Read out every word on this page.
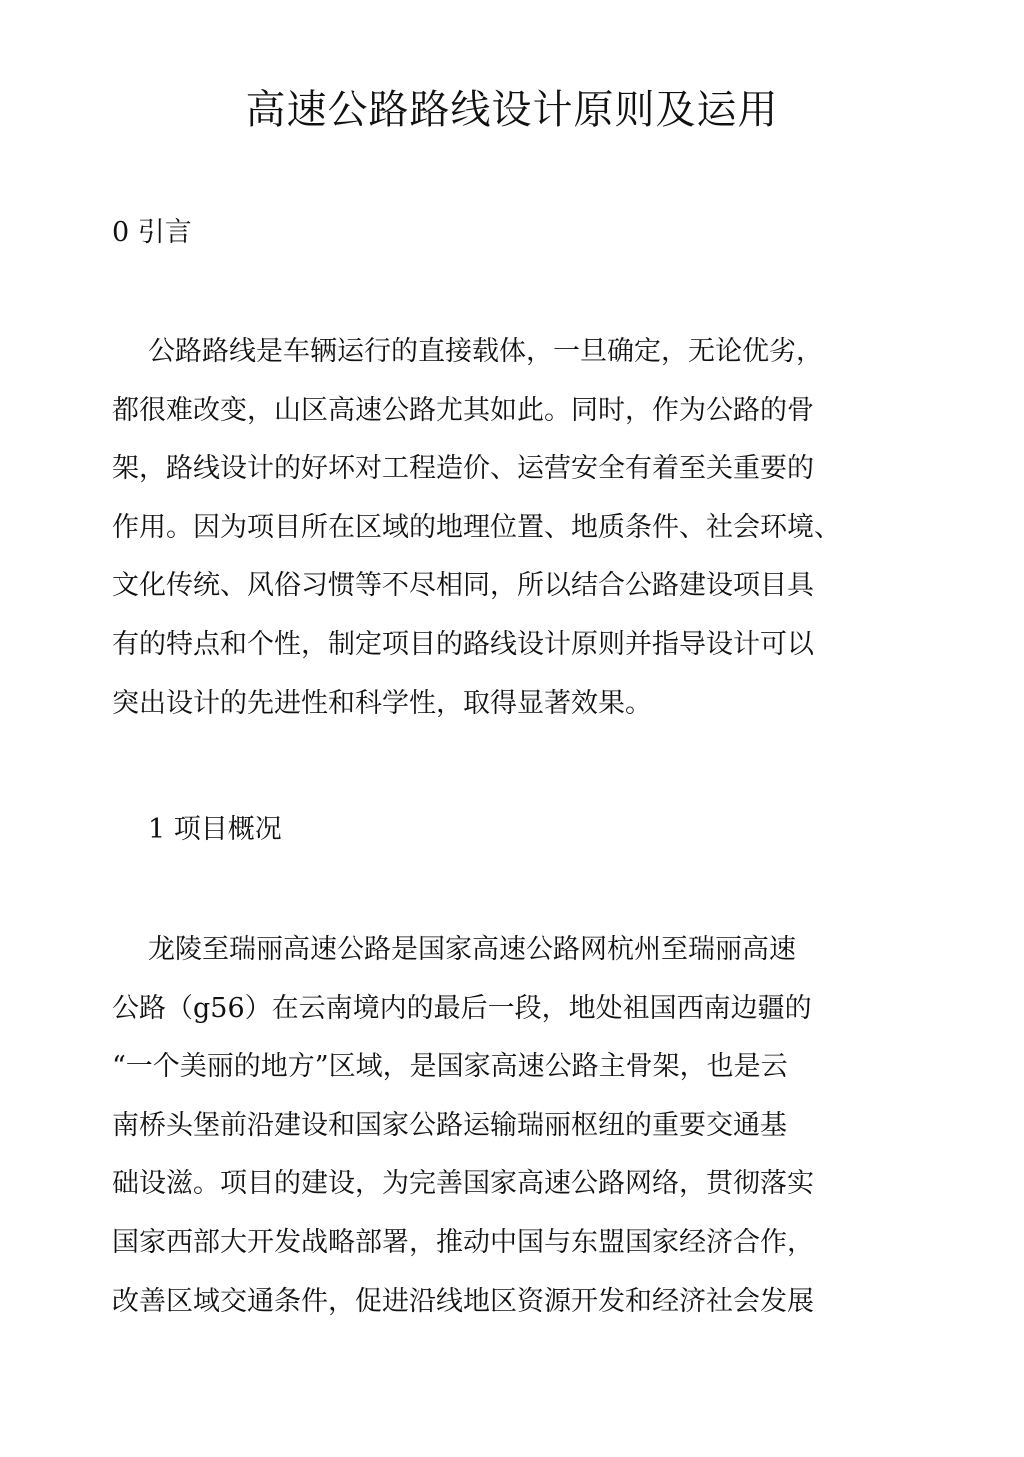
高速公路路线设计原则及运用
0 引言
公路路线是车辆运行的直接载体，一旦确定，无论优劣，
都很难改变，山区高速公路尤其如此。同时，作为公路的骨
架，路线设计的好坏对工程造价、运营安全有着至关重要的
作用。因为项目所在区域的地理位置、地质条件、社会环境、
文化传统、风俗习惯等不尽相同，所以结合公路建设项目具
有的特点和个性，制定项目的路线设计原则并指导设计可以
突出设计的先进性和科学性，取得显著效果。
1 项目概况
龙陵至瑞丽高速公路是国家高速公路网杭州至瑞丽高速
公路（g56）在云南境内的最后一段，地处祖国西南边疆的
“一个美丽的地方”区域，是国家高速公路主骨架，也是云
南桥头堡前沿建设和国家公路运输瑞丽枢纽的重要交通基
础设滋。项目的建设，为完善国家高速公路网络，贯彻落实
国家西部大开发战略部署，推动中国与东盟国家经济合作，
改善区域交通条件，促进沿线地区资源开发和经济社会发展
